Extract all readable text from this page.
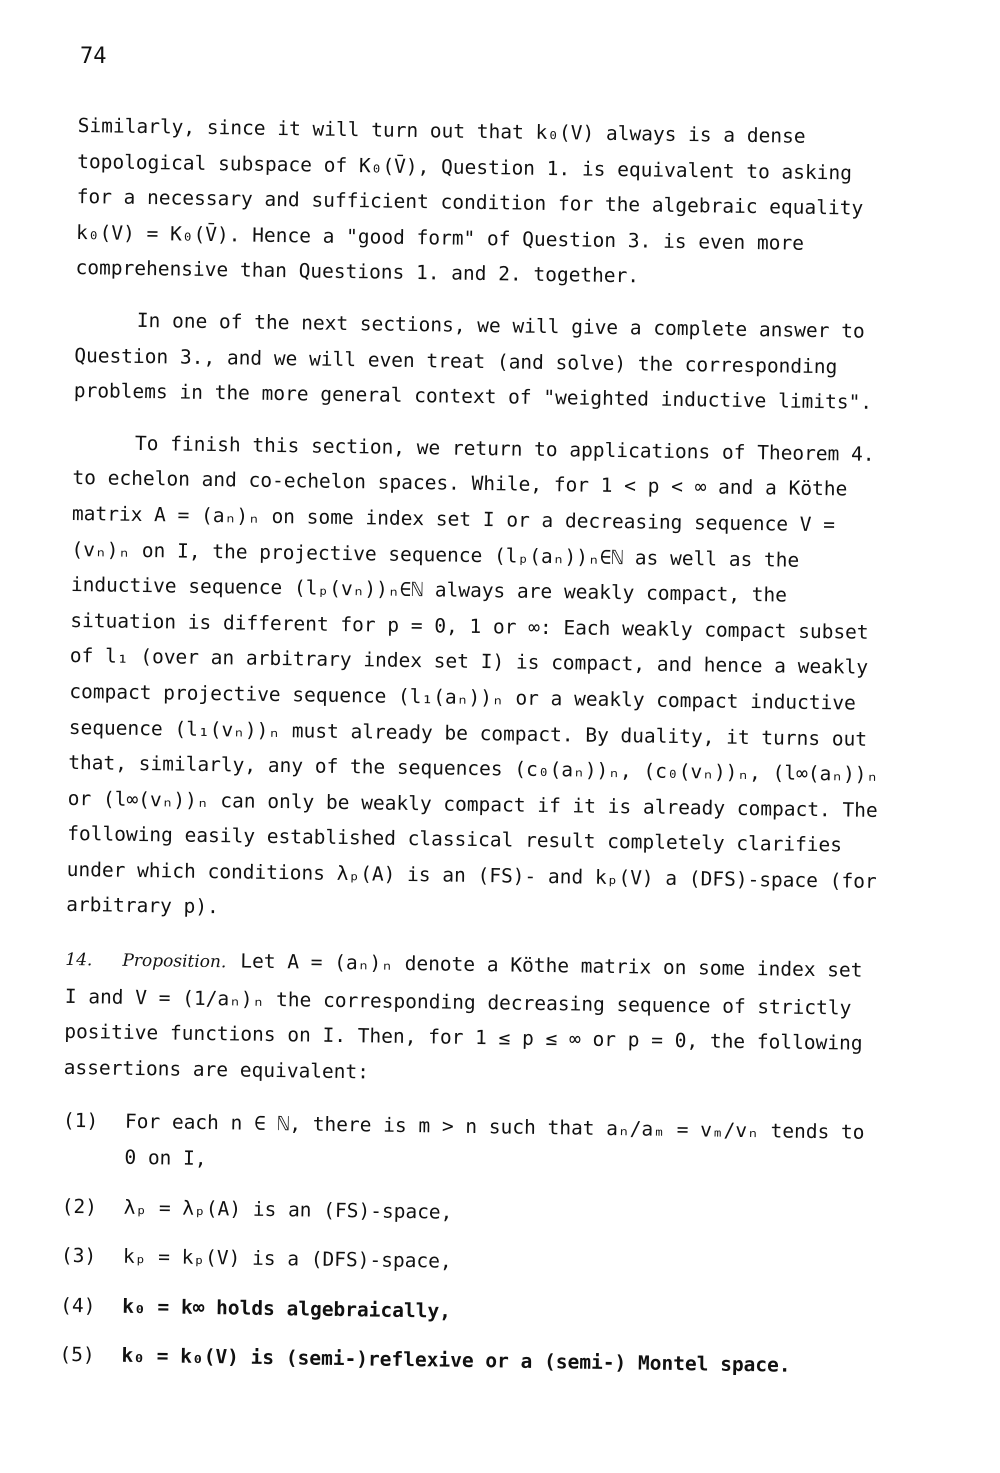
74

Similarly, since it will turn out that k₀(V) always is a dense topological subspace of K₀(V̄), Question 1. is equivalent to asking for a necessary and sufficient condition for the algebraic equality k₀(V) = K₀(V̄). Hence a "good form" of Question 3. is even more comprehensive than Questions 1. and 2. together.

In one of the next sections, we will give a complete answer to Question 3., and we will even treat (and solve) the corresponding problems in the more general context of "weighted inductive limits".

To finish this section, we return to applications of Theorem 4. to echelon and co-echelon spaces. While, for 1 < p < ∞ and a Köthe matrix A = (aₙ)ₙ on some index set I or a decreasing sequence V = (vₙ)ₙ on I, the projective sequence (lₚ(aₙ))ₙ∈ℕ as well as the inductive sequence (lₚ(vₙ))ₙ∈ℕ always are weakly compact, the situation is different for p = 0, 1 or ∞: Each weakly compact subset of l₁ (over an arbitrary index set I) is compact, and hence a weakly compact projective sequence (l₁(aₙ))ₙ or a weakly compact inductive sequence (l₁(vₙ))ₙ must already be compact. By duality, it turns out that, similarly, any of the sequences (c₀(aₙ))ₙ, (c₀(vₙ))ₙ, (l∞(aₙ))ₙ or (l∞(vₙ))ₙ can only be weakly compact if it is already compact. The following easily established classical result completely clarifies under which conditions λₚ(A) is an (FS)- and kₚ(V) a (DFS)-space (for arbitrary p).

14. Proposition. Let A = (aₙ)ₙ denote a Köthe matrix on some index set I and V = (1/aₙ)ₙ the corresponding decreasing sequence of strictly positive functions on I. Then, for 1 ≤ p ≤ ∞ or p = 0, the following assertions are equivalent:

(1)	For each n ∈ ℕ, there is m > n such that aₙ/aₘ = vₘ/vₙ tends to 0 on I,
(2)	λₚ = λₚ(A) is an (FS)-space,
(3)	kₚ = kₚ(V) is a (DFS)-space,
(4)	k₀ = k∞ holds algebraically,
(5)	k₀ = k₀(V) is (semi-)reflexive or a (semi-) Montel space.
